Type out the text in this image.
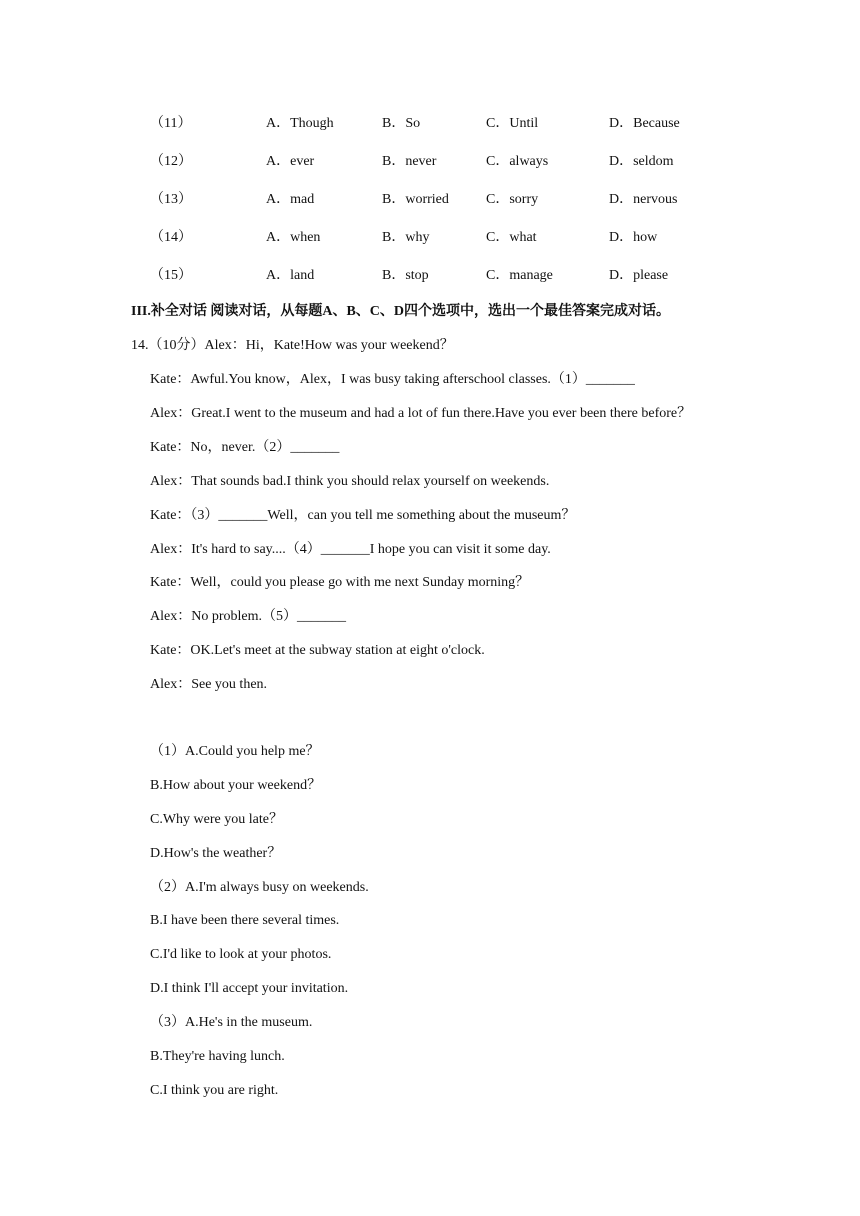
（11）	A．Though	B．So	C．Until	D．Because
（12）	A．ever	B．never	C．always	D．seldom
（13）	A．mad	B．worried	C．sorry	D．nervous
（14）	A．when	B．why	C．what	D．how
（15）	A．land	B．stop	C．manage	D．please
III.补全对话 阅读对话，从每题A、B、C、D四个选项中，选出一个最佳答案完成对话。
14.（10分）Alex：Hi，Kate!How was your weekend？
Kate：Awful.You know，Alex，I was busy taking afterschool classes.（1）_______
Alex：Great.I went to the museum and had a lot of fun there.Have you ever been there before？
Kate：No，never.（2）_______
Alex：That sounds bad.I think you should relax yourself on weekends.
Kate：（3）_______Well，can you tell me something about the museum？
Alex：It's hard to say....（4）_______I hope you can visit it some day.
Kate：Well，could you please go with me next Sunday morning？
Alex：No problem.（5）_______
Kate：OK.Let's meet at the subway station at eight o'clock.
Alex：See you then.
（1）A.Could you help me？
B.How about your weekend？
C.Why were you late？
D.How's the weather？
（2）A.I'm always busy on weekends.
B.I have been there several times.
C.I'd like to look at your photos.
D.I think I'll accept your invitation.
（3）A.He's in the museum.
B.They're having lunch.
C.I think you are right.
